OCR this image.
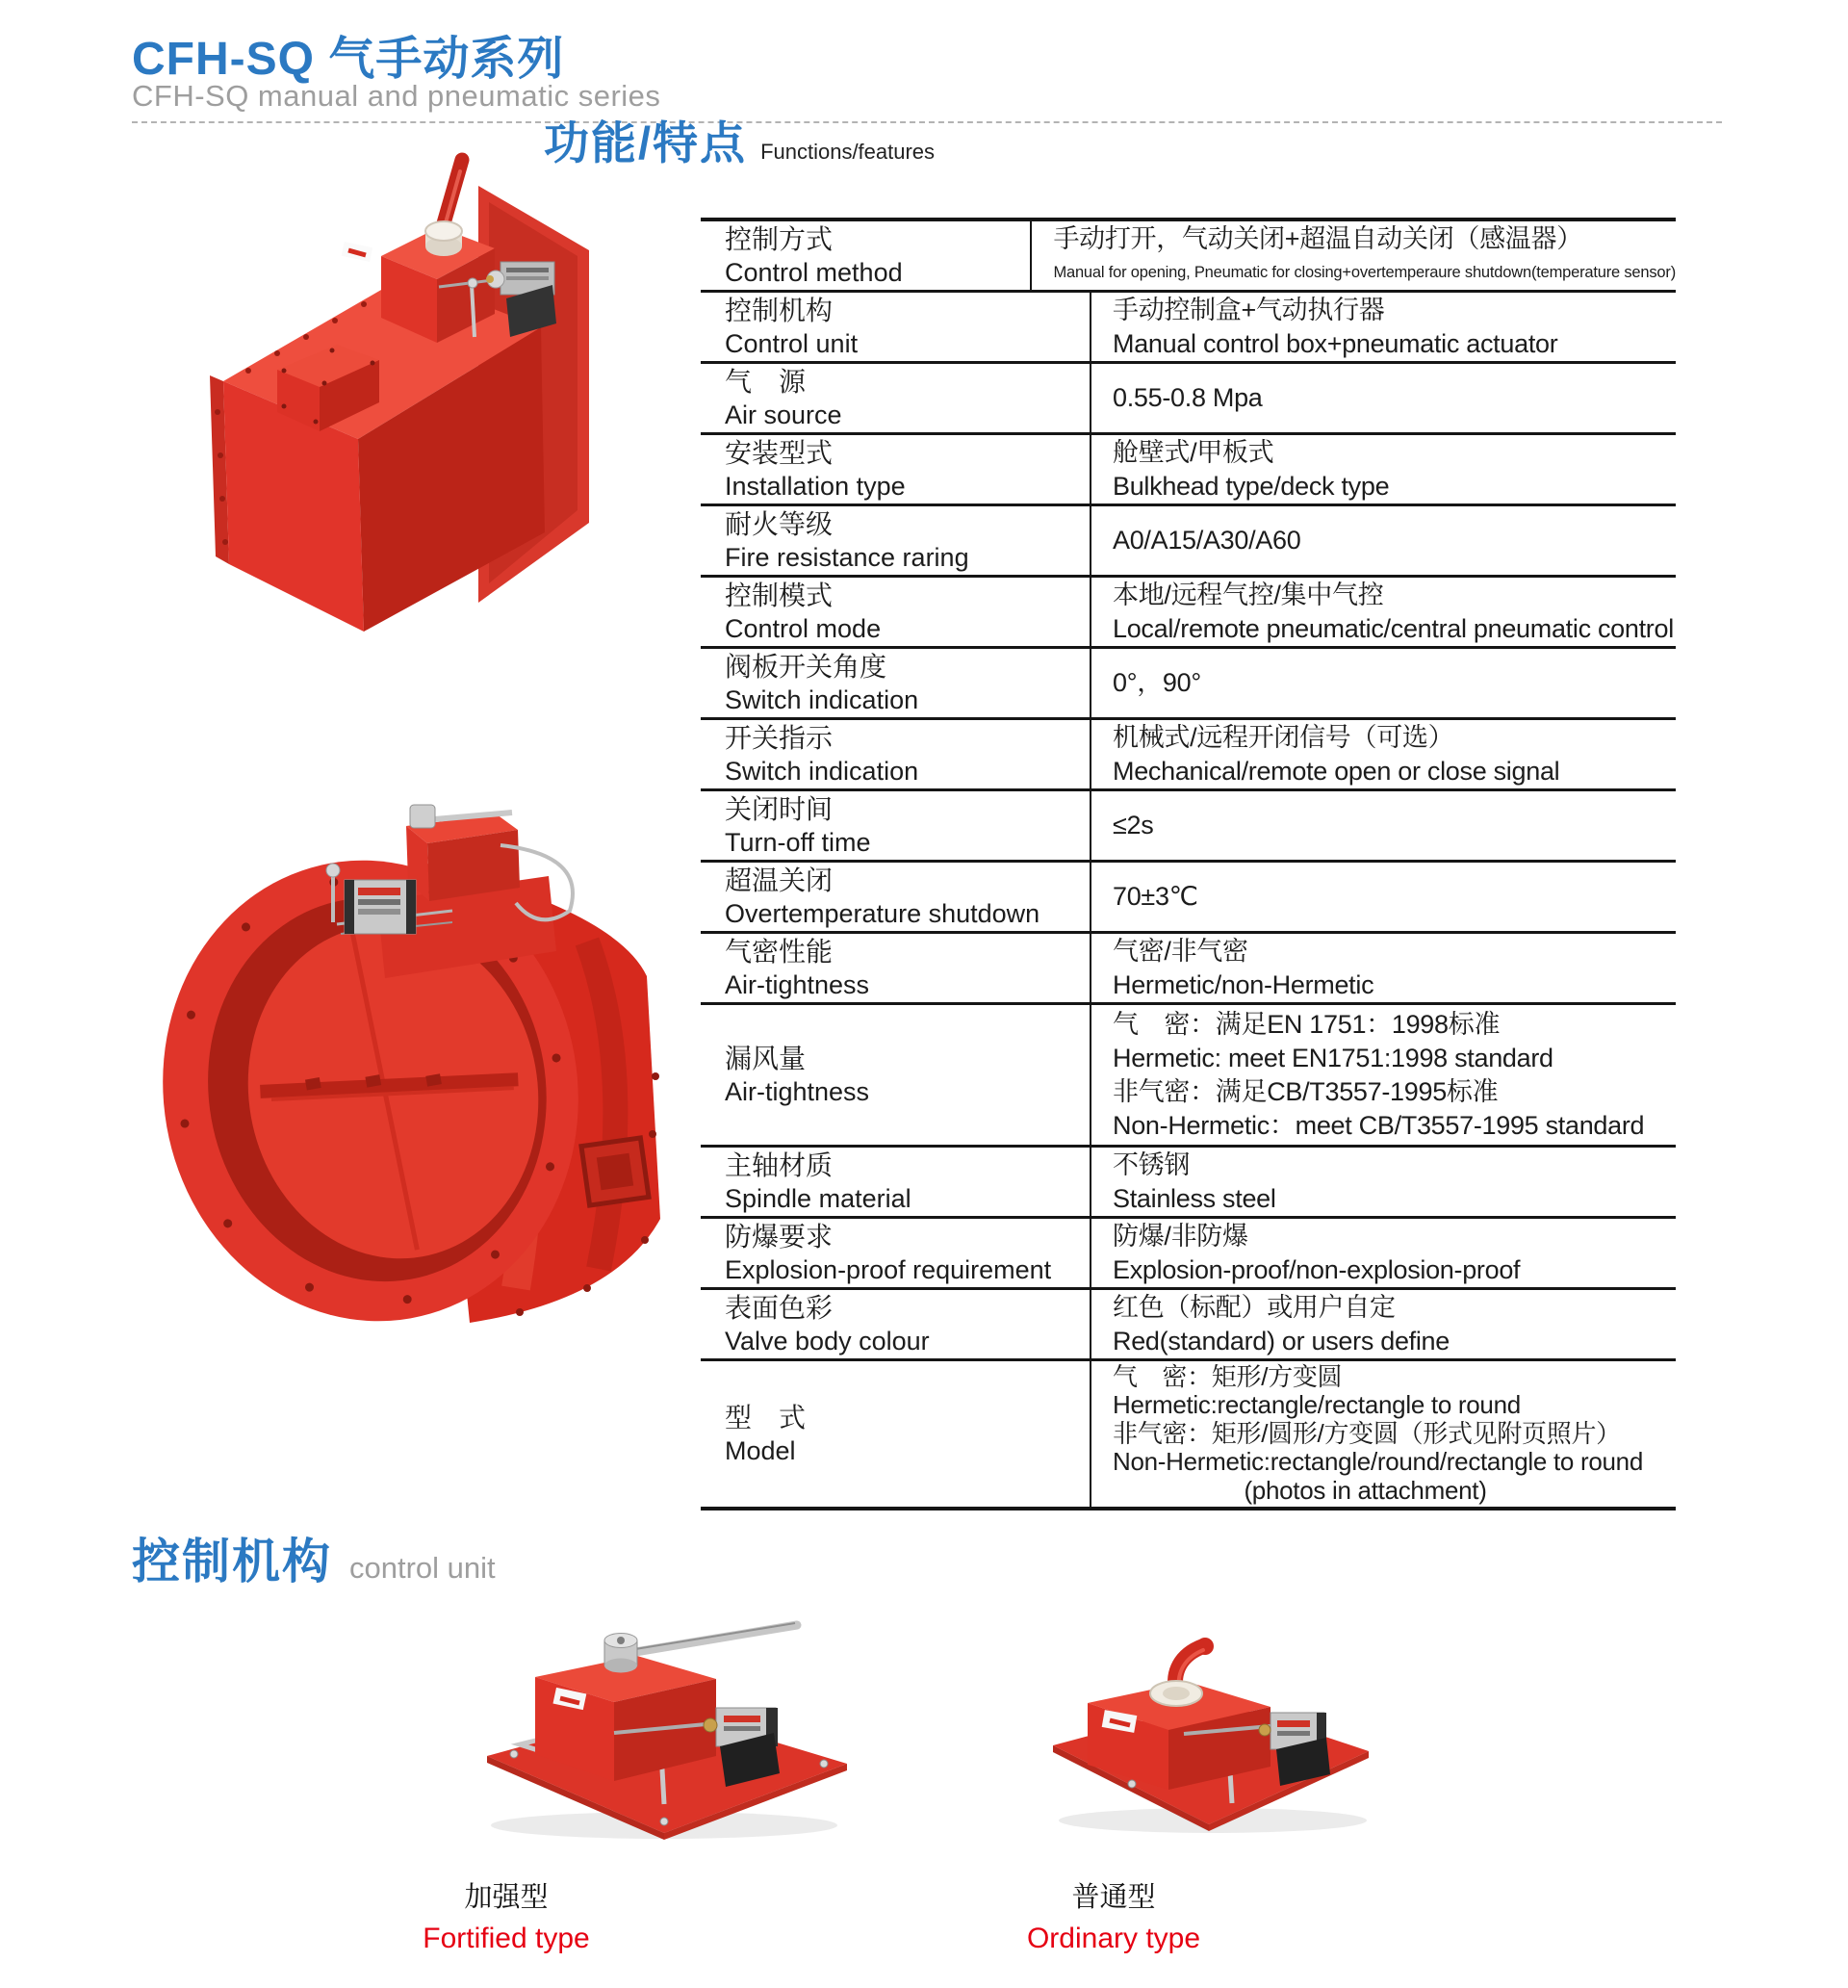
CFH-SQ 气手动系列
CFH-SQ manual and pneumatic series
功能/特点 Functions/features
控制方式
Control method
手动打开，气动关闭+超温自动关闭（感温器）
Manual for opening, Pneumatic for closing+overtemperaure shutdown(temperature sensor)
控制机构
Control unit
手动控制盒+气动执行器
Manual control box+pneumatic actuator
气　源
Air source
0.55-0.8 Mpa
安装型式
Installation type
舱壁式/甲板式
Bulkhead type/deck type
耐火等级
Fire resistance raring
A0/A15/A30/A60
控制模式
Control mode
本地/远程气控/集中气控
Local/remote pneumatic/central pneumatic control
阀板开关角度
Switch indication
0°，90°
开关指示
Switch indication
机械式/远程开闭信号（可选）
Mechanical/remote open or close signal
关闭时间
Turn-off time
≤2s
超温关闭
Overtemperature shutdown
70±3℃
气密性能
Air-tightness
气密/非气密
Hermetic/non-Hermetic
漏风量
Air-tightness
气　密：满足EN 1751：1998标准
Hermetic: meet EN1751:1998 standard
非气密：满足CB/T3557-1995标准
Non-Hermetic：meet CB/T3557-1995 standard
主轴材质
Spindle material
不锈钢
Stainless steel
防爆要求
Explosion-proof requirement
防爆/非防爆
Explosion-proof/non-explosion-proof
表面色彩
Valve body colour
红色（标配）或用户自定
Red(standard) or users define
型　式
Model
气　密：矩形/方变圆
Hermetic:rectangle/rectangle to round
非气密：矩形/圆形/方变圆（形式见附页照片）
Non-Hermetic:rectangle/round/rectangle to round
(photos in attachment)
控制机构 control unit
加强型
Fortified type
普通型
Ordinary type
